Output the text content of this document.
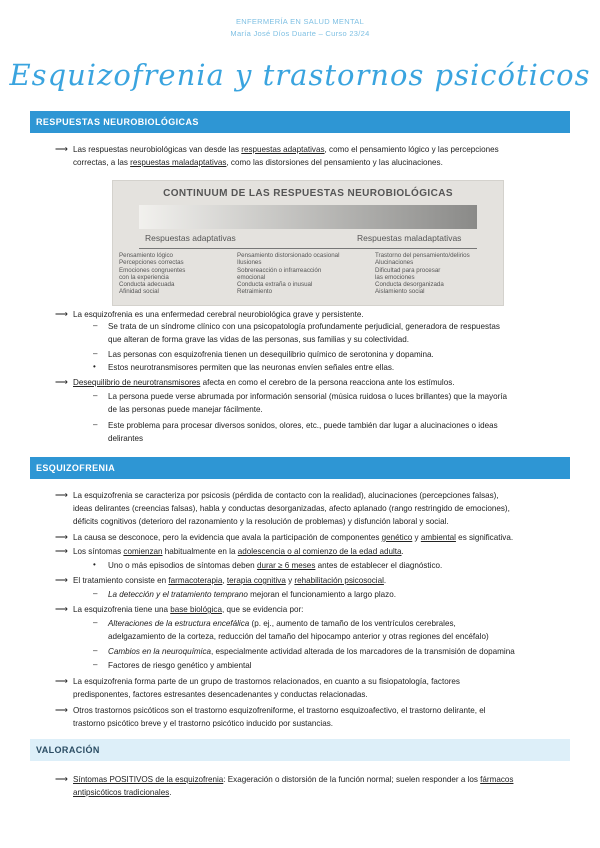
ENFERMERÍA EN SALUD MENTAL
María José Díos Duarte – Curso 23/24
Esquizofrenia y trastornos psicóticos
RESPUESTAS NEUROBIOLÓGICAS
⟶ Las respuestas neurobiológicas van desde las respuestas adaptativas, como el pensamiento lógico y las percepciones
correctas, a las respuestas maladaptativas, como las distorsiones del pensamiento y las alucinaciones.
CONTINUUM DE LAS RESPUESTAS NEUROBIOLÓGICAS
Respuestas adaptativas	Respuestas maladaptativas
Pensamiento lógico
Percepciones correctas
Emociones congruentes
con la experiencia
Conducta adecuada
Afinidad social
Pensamiento distorsionado ocasional
Ilusiones
Sobrereacción o infrarreacción
emocional
Conducta extraña o inusual
Retraimiento
Trastorno del pensamiento/delirios
Alucinaciones
Dificultad para procesar
las emociones
Conducta desorganizada
Aislamiento social
⟶ La esquizofrenia es una enfermedad cerebral neurobiológica grave y persistente.
– Se trata de un síndrome clínico con una psicopatología profundamente perjudicial, generadora de respuestas
que alteran de forma grave las vidas de las personas, sus familias y su colectividad.
– Las personas con esquizofrenia tienen un desequilibrio químico de serotonina y dopamina.
• Estos neurotransmisores permiten que las neuronas envíen señales entre ellas.
⟶ Desequilibrio de neurotransmisores afecta en como el cerebro de la persona reacciona ante los estímulos.
– La persona puede verse abrumada por información sensorial (música ruidosa o luces brillantes) que la mayoría
de las personas puede manejar fácilmente.
– Este problema para procesar diversos sonidos, olores, etc., puede también dar lugar a alucinaciones o ideas
delirantes
ESQUIZOFRENIA
⟶ La esquizofrenia se caracteriza por psicosis (pérdida de contacto con la realidad), alucinaciones (percepciones falsas),
ideas delirantes (creencias falsas), habla y conductas desorganizadas, afecto aplanado (rango restringido de emociones),
déficits cognitivos (deterioro del razonamiento y la resolución de problemas) y disfunción laboral y social.
⟶ La causa se desconoce, pero la evidencia que avala la participación de componentes genético y ambiental es significativa.
⟶ Los síntomas comienzan habitualmente en la adolescencia o al comienzo de la edad adulta.
• Uno o más episodios de síntomas deben durar ≥ 6 meses antes de establecer el diagnóstico.
⟶ El tratamiento consiste en farmacoterapia, terapia cognitiva y rehabilitación psicosocial.
– La detección y el tratamiento temprano mejoran el funcionamiento a largo plazo.
⟶ La esquizofrenia tiene una base biológica, que se evidencia por:
– Alteraciones de la estructura encefálica (p. ej., aumento de tamaño de los ventrículos cerebrales,
adelgazamiento de la corteza, reducción del tamaño del hipocampo anterior y otras regiones del encéfalo)
– Cambios en la neuroquímica, especialmente actividad alterada de los marcadores de la transmisión de dopamina
– Factores de riesgo genético y ambiental
⟶ La esquizofrenia forma parte de un grupo de trastornos relacionados, en cuanto a su fisiopatología, factores
predisponentes, factores estresantes desencadenantes y conductas relacionadas.
⟶ Otros trastornos psicóticos son el trastorno esquizofreniforme, el trastorno esquizoafectivo, el trastorno delirante, el
trastorno psicótico breve y el trastorno psicótico inducido por sustancias.
VALORACIÓN
⟶ Síntomas POSITIVOS de la esquizofrenia: Exageración o distorsión de la función normal; suelen responder a los fármacos
antipsicóticos tradicionales.
